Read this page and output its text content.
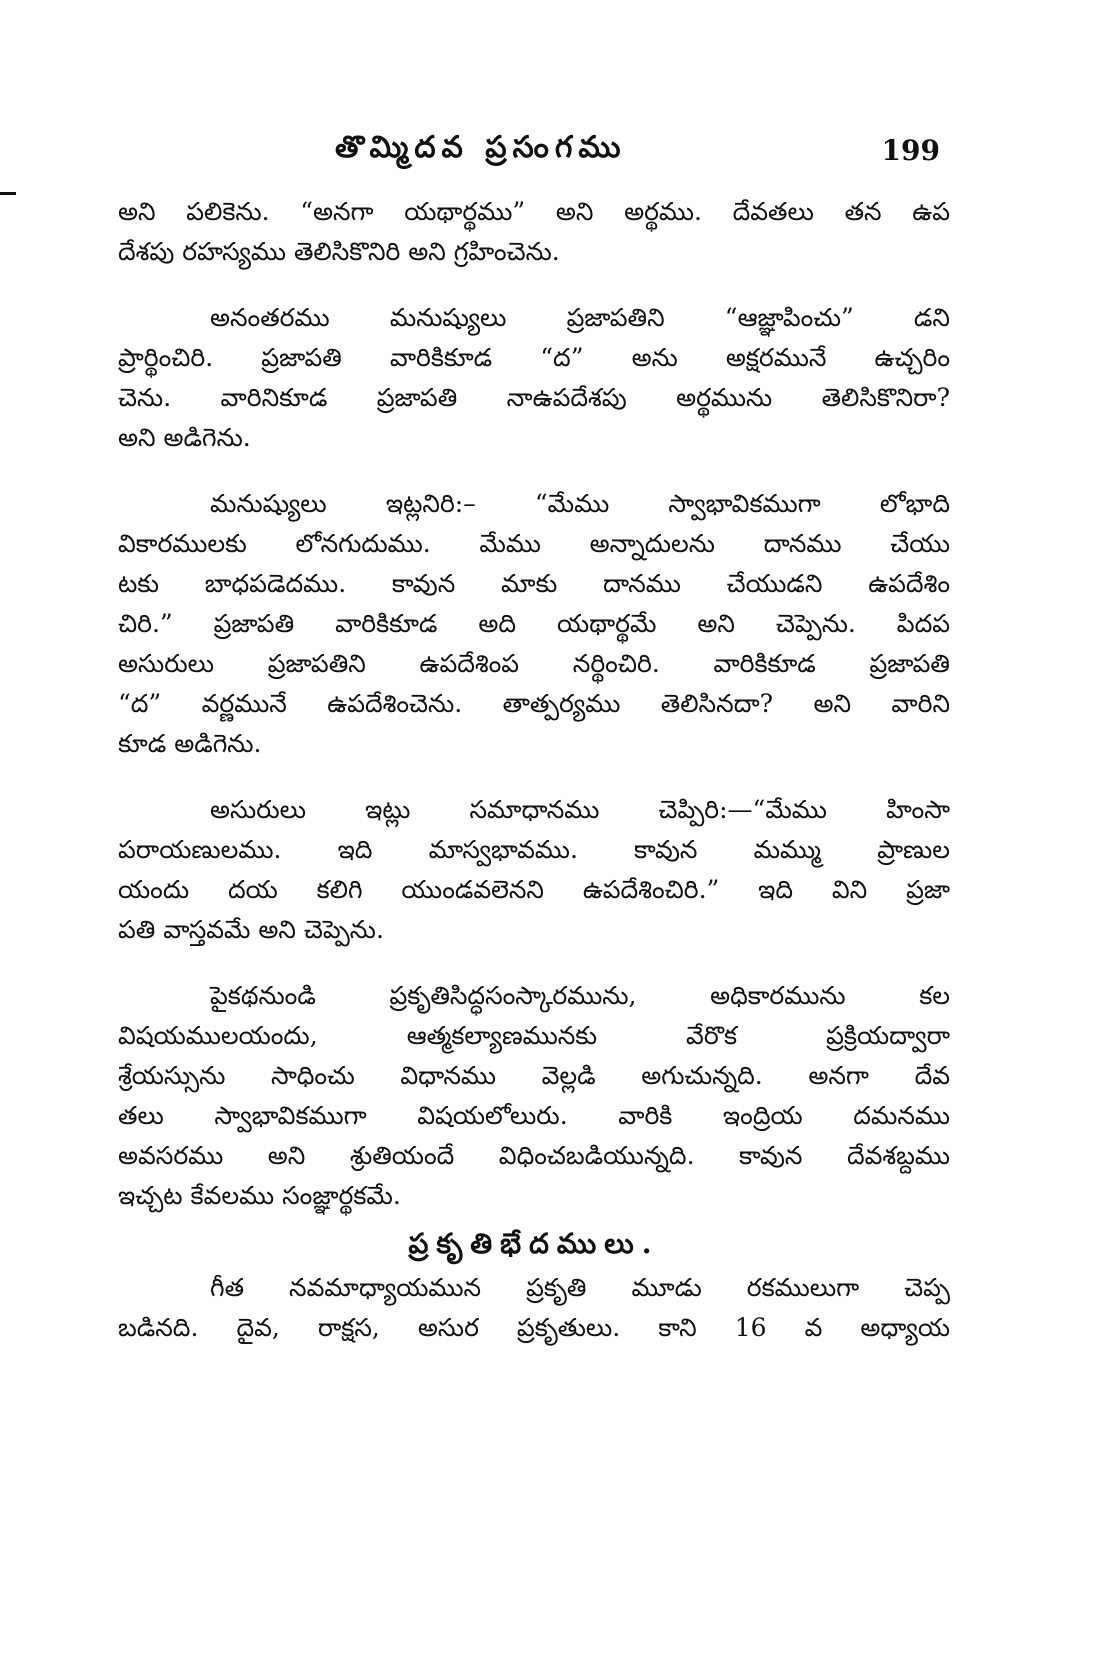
తొమ్మిదవ ప్రసంగము	199
అని పలికెను. “అనగా యథార్థము” అని అర్థము. దేవతలు తన ఉప
దేశపు రహస్యము తెలిసికొనిరి అని గ్రహించెను.
అనంతరము మనుష్యులు ప్రజాపతిని “ఆజ్ఞాపించు” డని
ప్రార్థించిరి. ప్రజాపతి వారికికూడ “ద” అను అక్షరమునే ఉచ్చరిం
చెను. వారినికూడ ప్రజాపతి నాఉపదేశపు అర్థమును తెలిసికొనిరా?
అని అడిగెను.
మనుష్యులు ఇట్లనిరి:– “మేము స్వాభావికముగా లోభాది
వికారములకు లోనగుదుము. మేము అన్నాదులను దానము చేయు
టకు బాధపడెదము. కావున మాకు దానము చేయుడని ఉపదేశిం
చిరి.” ప్రజాపతి వారికికూడ అది యథార్థమే అని చెప్పెను. పిదప
అసురులు ప్రజాపతిని ఉపదేశింప నర్థించిరి. వారికికూడ ప్రజాపతి
“ద” వర్ణమునే ఉపదేశించెను. తాత్పర్యము తెలిసినదా? అని వారిని
కూడ అడిగెను.
అసురులు ఇట్లు సమాధానము చెప్పిరి:—“మేము హింసా
పరాయణులము. ఇది మాస్వభావము. కావున మమ్ము ప్రాణుల
యందు దయ కలిగి యుండవలెనని ఉపదేశించిరి.” ఇది విని ప్రజా
పతి వాస్తవమే అని చెప్పెను.
పైకథనుండి ప్రకృతిసిద్ధసంస్కారమును, అధికారమును కల
విషయములయందు, ఆత్మకల్యాణమునకు వేరొక ప్రక్రియద్వారా
శ్రేయస్సును సాధించు విధానము వెల్లడి అగుచున్నది. అనగా దేవ
తలు స్వాభావికముగా విషయలోలురు. వారికి ఇంద్రియ దమనము
అవసరము అని శ్రుతియందే విధించబడియున్నది. కావున దేవశబ్దము
ఇచ్చట కేవలము సంజ్ఞార్థకమే.
ప్రకృతిభేదములు.
గీత నవమాధ్యాయమున ప్రకృతి మూడు రకములుగా చెప్ప
బడినది. దైవ, రాక్షస, అసుర ప్రకృతులు. కాని 16 వ అధ్యాయ
